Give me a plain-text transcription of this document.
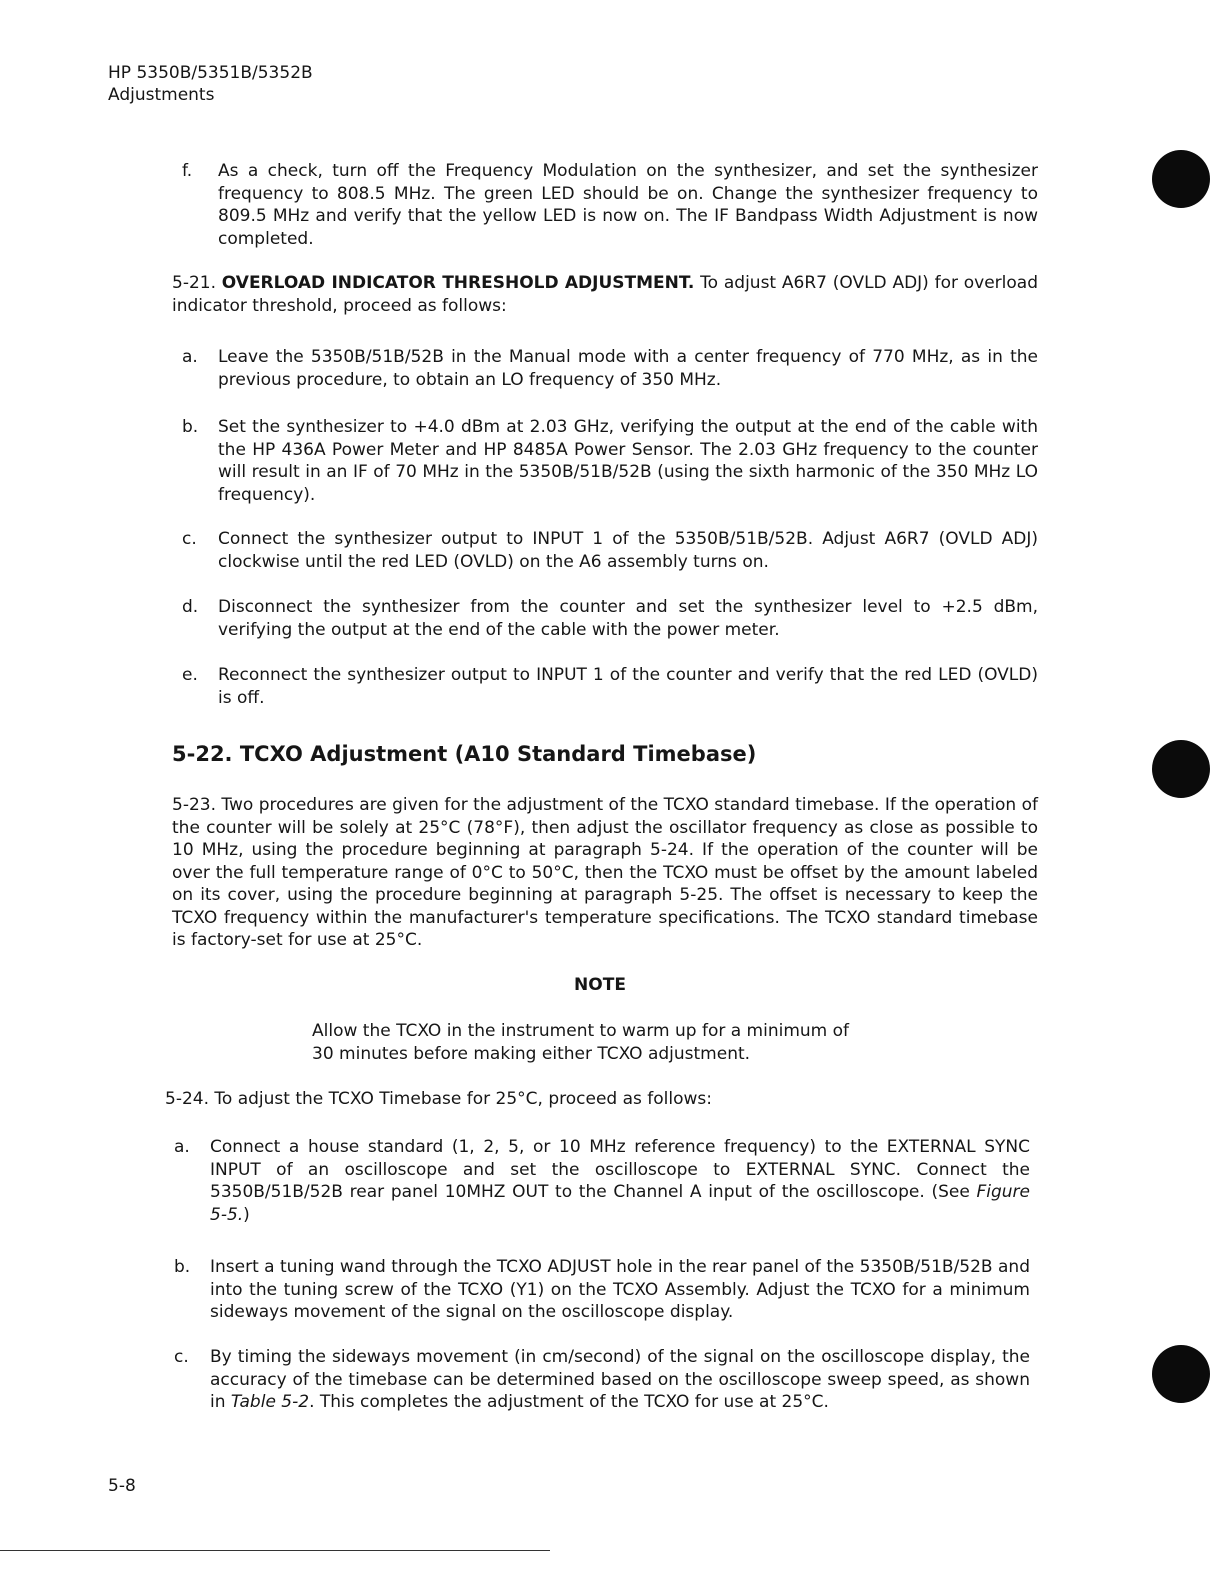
HP 5350B/5351B/5352B
Adjustments
f. As a check, turn off the Frequency Modulation on the synthesizer, and set the synthesizer frequency to 808.5 MHz. The green LED should be on. Change the synthesizer frequency to 809.5 MHz and verify that the yellow LED is now on. The IF Bandpass Width Adjustment is now completed.
5-21. OVERLOAD INDICATOR THRESHOLD ADJUSTMENT. To adjust A6R7 (OVLD ADJ) for overload indicator threshold, proceed as follows:
a. Leave the 5350B/51B/52B in the Manual mode with a center frequency of 770 MHz, as in the previous procedure, to obtain an LO frequency of 350 MHz.
b. Set the synthesizer to +4.0 dBm at 2.03 GHz, verifying the output at the end of the cable with the HP 436A Power Meter and HP 8485A Power Sensor. The 2.03 GHz frequency to the counter will result in an IF of 70 MHz in the 5350B/51B/52B (using the sixth harmonic of the 350 MHz LO frequency).
c. Connect the synthesizer output to INPUT 1 of the 5350B/51B/52B. Adjust A6R7 (OVLD ADJ) clockwise until the red LED (OVLD) on the A6 assembly turns on.
d. Disconnect the synthesizer from the counter and set the synthesizer level to +2.5 dBm, verifying the output at the end of the cable with the power meter.
e. Reconnect the synthesizer output to INPUT 1 of the counter and verify that the red LED (OVLD) is off.
5-22. TCXO Adjustment (A10 Standard Timebase)
5-23. Two procedures are given for the adjustment of the TCXO standard timebase. If the operation of the counter will be solely at 25°C (78°F), then adjust the oscillator frequency as close as possible to 10 MHz, using the procedure beginning at paragraph 5-24. If the operation of the counter will be over the full temperature range of 0°C to 50°C, then the TCXO must be offset by the amount labeled on its cover, using the procedure beginning at paragraph 5-25. The offset is necessary to keep the TCXO frequency within the manufacturer's temperature specifications. The TCXO standard timebase is factory-set for use at 25°C.
NOTE
Allow the TCXO in the instrument to warm up for a minimum of
30 minutes before making either TCXO adjustment.
5-24. To adjust the TCXO Timebase for 25°C, proceed as follows:
a. Connect a house standard (1, 2, 5, or 10 MHz reference frequency) to the EXTERNAL SYNC INPUT of an oscilloscope and set the oscilloscope to EXTERNAL SYNC. Connect the 5350B/51B/52B rear panel 10MHZ OUT to the Channel A input of the oscilloscope. (See Figure 5-5.)
b. Insert a tuning wand through the TCXO ADJUST hole in the rear panel of the 5350B/51B/52B and into the tuning screw of the TCXO (Y1) on the TCXO Assembly. Adjust the TCXO for a minimum sideways movement of the signal on the oscilloscope display.
c. By timing the sideways movement (in cm/second) of the signal on the oscilloscope display, the accuracy of the timebase can be determined based on the oscilloscope sweep speed, as shown in Table 5-2. This completes the adjustment of the TCXO for use at 25°C.
5-8
